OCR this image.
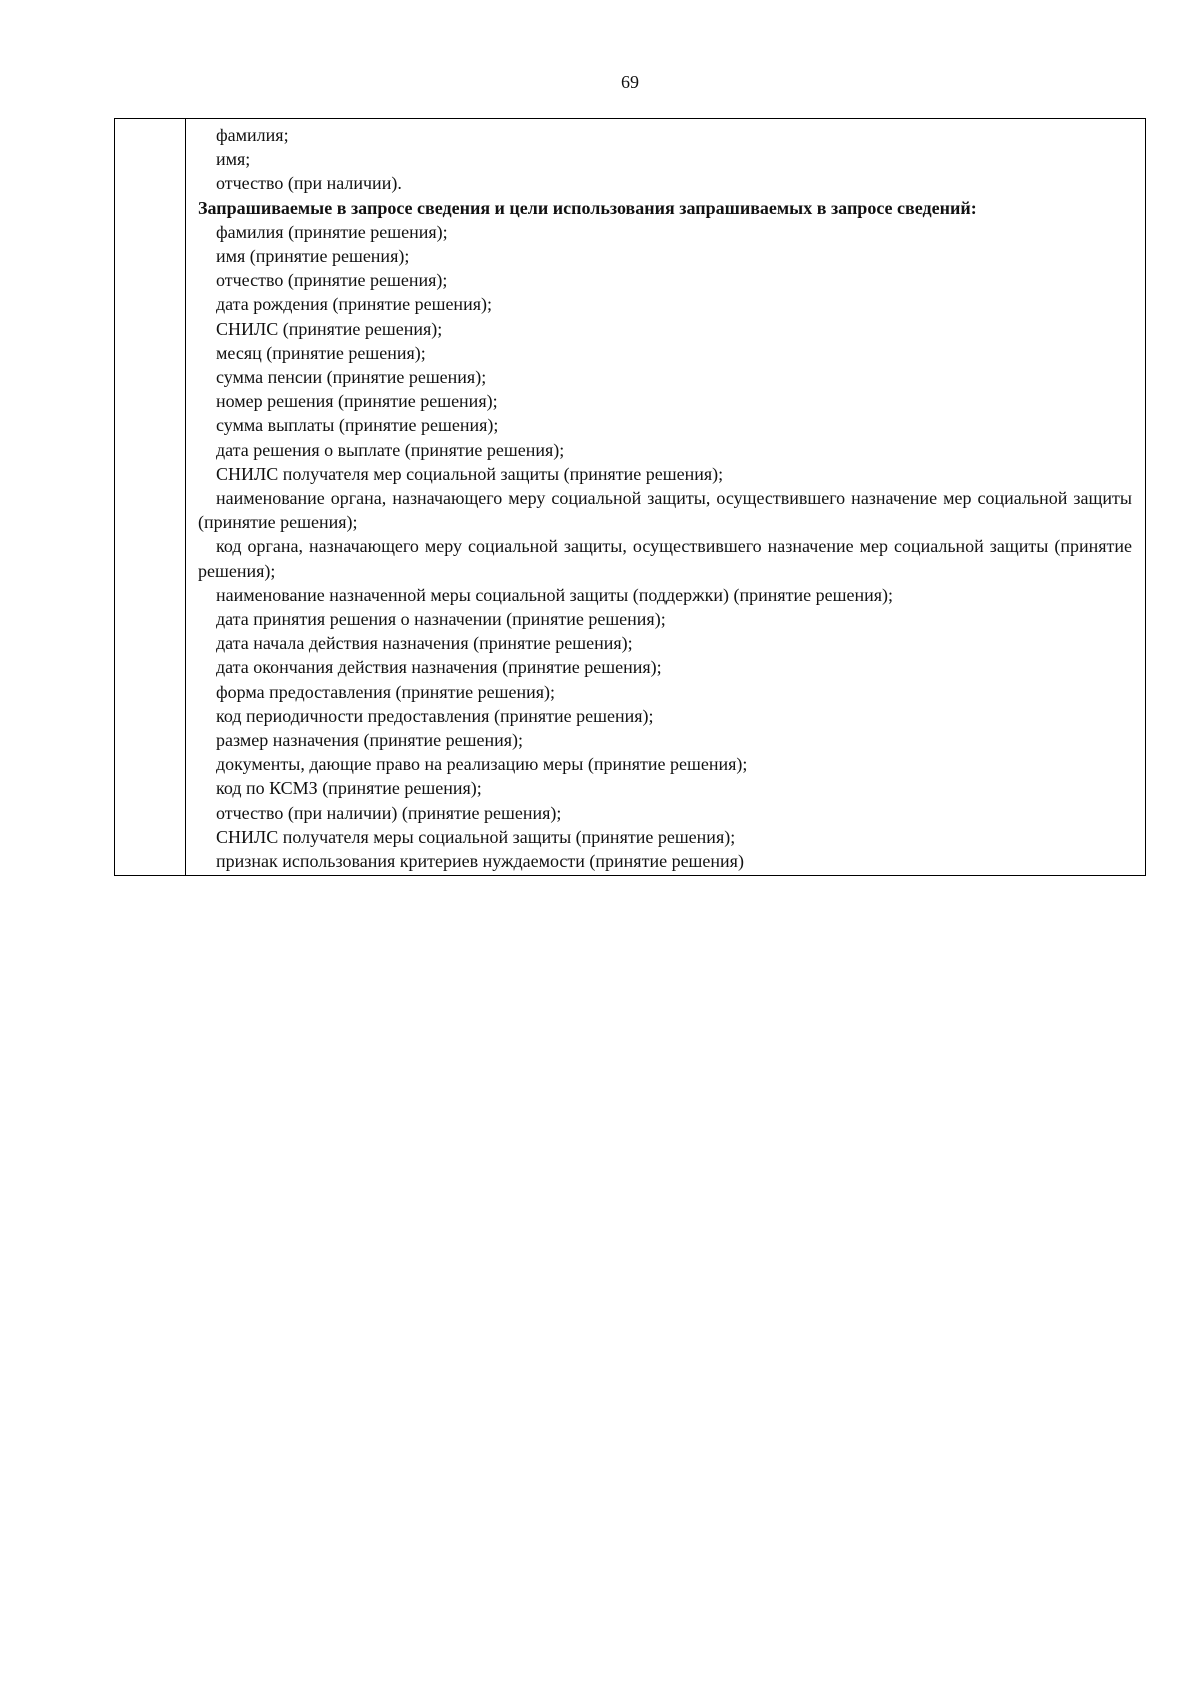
69
фамилия;
имя;
отчество (при наличии).
Запрашиваемые в запросе сведения и цели использования запрашиваемых в запросе сведений:
фамилия (принятие решения);
имя (принятие решения);
отчество (принятие решения);
дата рождения (принятие решения);
СНИЛС (принятие решения);
месяц (принятие решения);
сумма пенсии (принятие решения);
номер решения (принятие решения);
сумма выплаты (принятие решения);
дата решения о выплате (принятие решения);
СНИЛС получателя мер социальной защиты (принятие решения);
наименование органа, назначающего меру социальной защиты, осуществившего назначение мер социальной защиты (принятие решения);
код органа, назначающего меру социальной защиты, осуществившего назначение мер социальной защиты (принятие решения);
наименование назначенной меры социальной защиты (поддержки) (принятие решения);
дата принятия решения о назначении (принятие решения);
дата начала действия назначения (принятие решения);
дата окончания действия назначения (принятие решения);
форма предоставления (принятие решения);
код периодичности предоставления (принятие решения);
размер назначения (принятие решения);
документы, дающие право на реализацию меры (принятие решения);
код по КСМЗ (принятие решения);
отчество (при наличии) (принятие решения);
СНИЛС получателя меры социальной защиты (принятие решения);
признак использования критериев нуждаемости (принятие решения)
